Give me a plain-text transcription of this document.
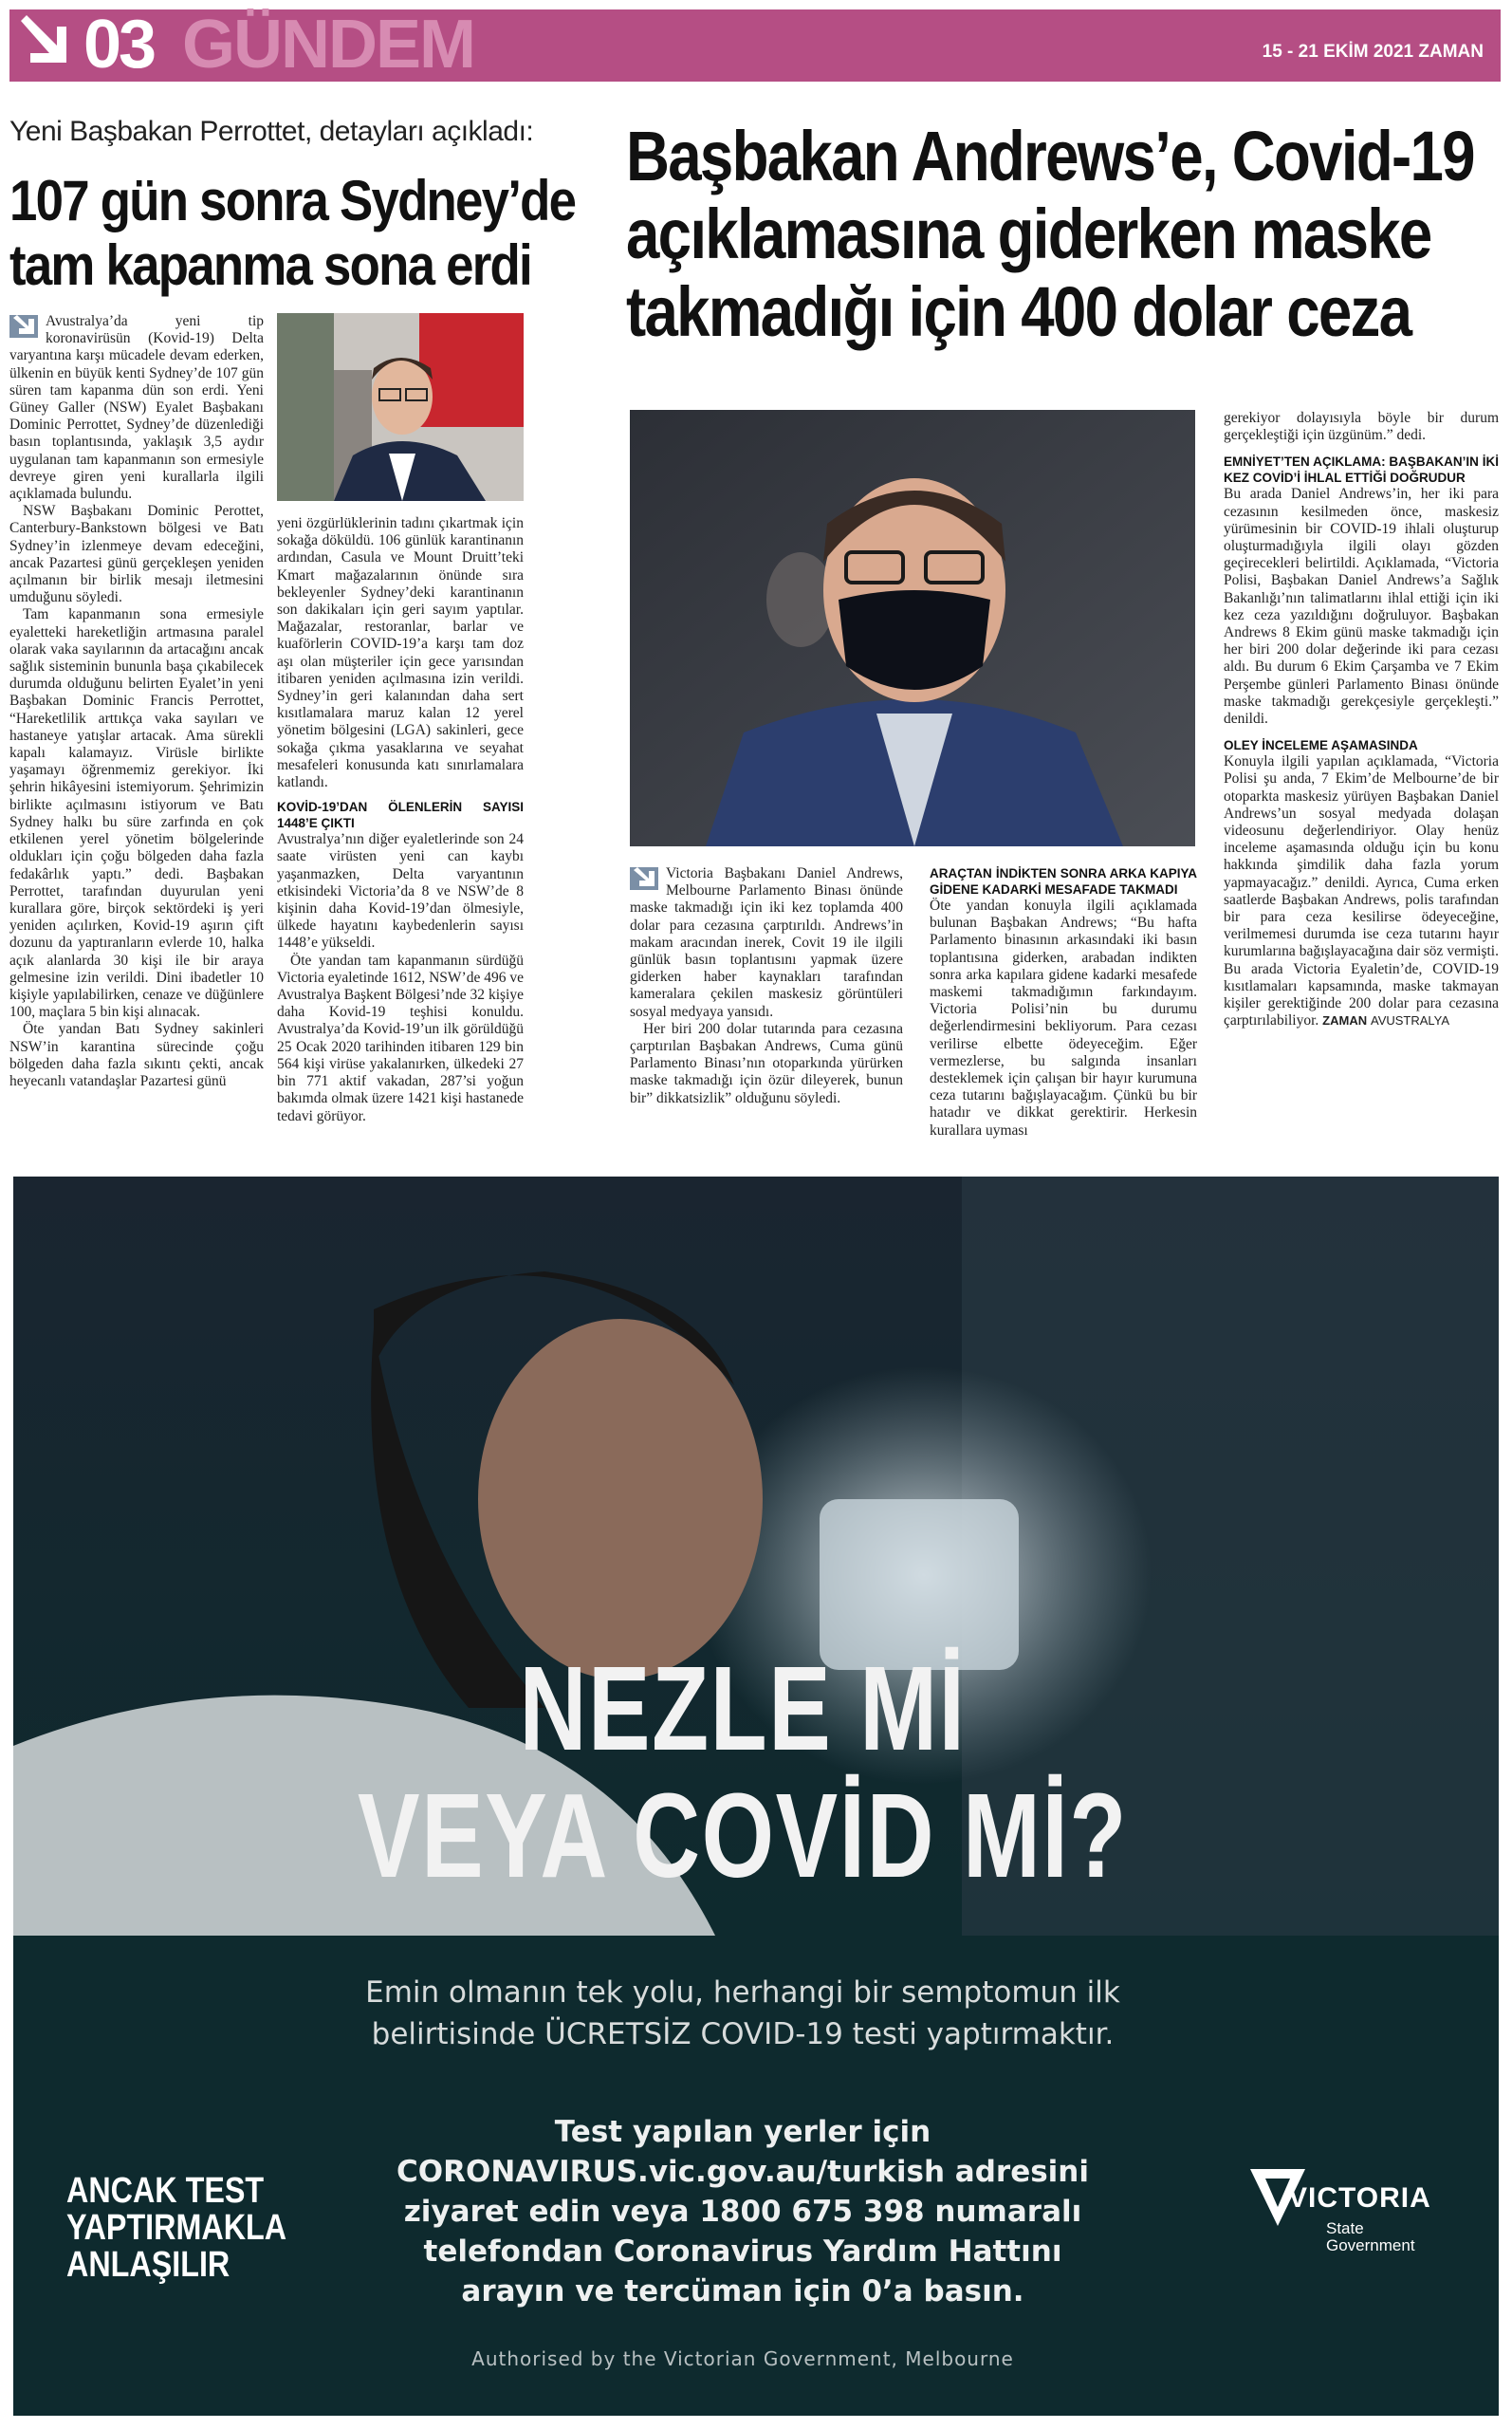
03 GÜNDEM	15 - 21 EKİM 2021 ZAMAN
Yeni Başbakan Perrottet, detayları açıkladı:
107 gün sonra Sydney’de
tam kapanma sona erdi

Avustralya’da yeni tip koronavirüsün (Kovid-19) Delta varyantına karşı mücadele devam ederken, ülkenin en büyük kenti Sydney’de 107 gün süren tam kapanma dün son erdi. Yeni Güney Galler (NSW) Eyalet Başbakanı Dominic Perrottet, Sydney’de düzenlediği basın toplantısında, yaklaşık 3,5 aydır uygulanan tam kapanmanın son ermesiyle devreye giren yeni kurallarla ilgili açıklamada bulundu.

NSW Başbakanı Dominic Perottet, Canterbury-Bankstown bölgesi ve Batı Sydney’in izlenmeye devam edeceğini, ancak Pazartesi günü gerçekleşen yeniden açılmanın bir birlik mesajı iletmesini umduğunu söyledi.

Tam kapanmanın sona ermesiyle eyaletteki hareketliğin artmasına paralel olarak vaka sayılarının da artacağını ancak sağlık sisteminin bununla başa çıkabilecek durumda olduğunu belirten Eyalet’in yeni Başbakan Dominic Francis Perrottet, “Hareketlilik arttıkça vaka sayıları ve hastaneye yatışlar artacak. Ama sürekli kapalı kalamayız. Virüsle birlikte yaşamayı öğrenmemiz gerekiyor. İki şehrin hikâyesini istemiyorum. Şehrimizin birlikte açılmasını istiyorum ve Batı Sydney halkı bu süre zarfında en çok etkilenen yerel yönetim bölgelerinde oldukları için çoğu bölgeden daha fazla fedakârlık yaptı.” dedi. Başbakan Perrottet, tarafından duyurulan yeni kurallara göre, birçok sektördeki iş yeri yeniden açılırken, Kovid-19 aşırın çift dozunu da yaptıranların evlerde 10, halka açık alanlarda 30 kişi ile bir araya gelmesine izin verildi. Dini ibadetler 10 kişiyle yapılabilirken, cenaze ve düğünlere 100, maçlara 5 bin kişi alınacak.

Öte yandan Batı Sydney sakinleri NSW’in karantina sürecinde çoğu bölgeden daha fazla sıkıntı çekti, ancak heyecanlı vatandaşlar Pazartesi günü

yeni özgürlüklerinin tadını çıkartmak için sokağa döküldü. 106 günlük karantinanın ardından, Casula ve Mount Druitt’teki Kmart mağazalarının önünde sıra bekleyenler Sydney’deki karantinanın son dakikaları için geri sayım yaptılar. Mağazalar, restoranlar, barlar ve kuaförlerin COVID-19’a karşı tam doz aşı olan müşteriler için gece yarısından itibaren yeniden açılmasına izin verildi. Sydney’in geri kalanından daha sert kısıtlamalara maruz kalan 12 yerel yönetim bölgesini (LGA) sakinleri, gece sokağa çıkma yasaklarına ve seyahat mesafeleri konusunda katı sınırlamalara katlandı.

KOVİD-19’DAN ÖLENLERİN SAYISI 1448’E ÇIKTI

Avustralya’nın diğer eyaletlerinde son 24 saate virüsten yeni can kaybı yaşanmazken, Delta varyantının etkisindeki Victoria’da 8 ve NSW’de 8 kişinin daha Kovid-19’dan ölmesiyle, ülkede hayatını kaybedenlerin sayısı 1448’e yükseldi.

Öte yandan tam kapanmanın sürdüğü Victoria eyaletinde 1612, NSW’de 496 ve Avustralya Başkent Bölgesi’nde 32 kişiye daha Kovid-19 teşhisi konuldu. Avustralya’da Kovid-19’un ilk görüldüğü 25 Ocak 2020 tarihinden itibaren 129 bin 564 kişi virüse yakalanırken, ülkedeki 27 bin 771 aktif vakadan, 287’si yoğun bakımda olmak üzere 1421 kişi hastanede tedavi görüyor.

Başbakan Andrews’e, Covid-19
açıklamasına giderken maske
takmadığı için 400 dolar ceza

Victoria Başbakanı Daniel Andrews, Melbourne Parlamento Binası önünde maske takmadığı için iki kez toplamda 400 dolar para cezasına çarptırıldı. Andrews’in makam aracından inerek, Covit 19 ile ilgili günlük basın toplantısını yapmak üzere giderken haber kaynakları tarafından kameralara çekilen maskesiz görüntüleri sosyal medyaya yansıdı.

Her biri 200 dolar tutarında para cezasına çarptırılan Başbakan Andrews, Cuma günü Parlamento Binası’nın otoparkında yürürken maske takmadığı için özür dileyerek, bunun bir” dikkatsizlik” olduğunu söyledi.

ARAÇTAN İNDİKTEN SONRA ARKA KAPIYA GİDENE KADARKİ MESAFADE TAKMADI

Öte yandan konuyla ilgili açıklamada bulunan Başbakan Andrews; “Bu hafta Parlamento binasının arkasındaki iki basın toplantısına giderken, arabadan indikten sonra arka kapılara gidene kadarki mesafede maskemi takmadığımın farkındayım. Victoria Polisi’nin bu durumu değerlendirmesini bekliyorum. Para cezası verilirse elbette ödeyeceğim. Eğer vermezlerse, bu salgında insanları desteklemek için çalışan bir hayır kurumuna ceza tutarını bağışlayacağım. Çünkü bu bir hatadır ve dikkat gerektirir. Herkesin kurallara uyması

gerekiyor dolayısıyla böyle bir durum gerçekleştiği için üzgünüm.” dedi.

EMNİYET’TEN AÇIKLAMA: BAŞBAKAN’IN İKİ KEZ COVİD’İ İHLAL ETTİĞİ DOĞRUDUR

Bu arada Daniel Andrews’in, her iki para cezasının kesilmeden önce, maskesiz yürümesinin bir COVID-19 ihlali oluşturup oluşturmadığıyla ilgili olayı gözden geçirecekleri belirtildi. Açıklamada, “Victoria Polisi, Başbakan Daniel Andrews’a Sağlık Bakanlığı’nın talimatlarını ihlal ettiği için iki kez ceza yazıldığını doğruluyor. Başbakan Andrews 8 Ekim günü maske takmadığı için her biri 200 dolar değerinde iki para cezası aldı. Bu durum 6 Ekim Çarşamba ve 7 Ekim Perşembe günleri Parlamento Binası önünde maske takmadığı gerekçesiyle gerçekleşti.” denildi.

OLEY İNCELEME AŞAMASINDA

Konuyla ilgili yapılan açıklamada, “Victoria Polisi şu anda, 7 Ekim’de Melbourne’de bir otoparkta maskesiz yürüyen Başbakan Daniel Andrews’un sosyal medyada dolaşan videosunu değerlendiriyor. Olay henüz inceleme aşamasında olduğu için bu konu hakkında şimdilik daha fazla yorum yapmayacağız.” denildi. Ayrıca, Cuma erken saatlerde Başbakan Andrews, polis tarafından bir para ceza kesilirse ödeyeceğine, verilmemesi durumda ise ceza tutarını hayır kurumlarına bağışlayacağına dair söz vermişti. Bu arada Victoria Eyaletin’de, COVID-19 kısıtlamaları kapsamında, maske takmayan kişiler gerektiğinde 200 dolar para cezasına çarptırılabiliyor. ZAMAN AVUSTRALYA

NEZLE Mİ
VEYA COVİD Mİ?
Emin olmanın tek yolu, herhangi bir semptomun ilk
belirtisinde ÜCRETSİZ COVID-19 testi yaptırmaktır.
Test yapılan yerler için
CORONAVIRUS.vic.gov.au/turkish adresini
ziyaret edin veya 1800 675 398 numaralı
telefondan Coronavirus Yardım Hattını
arayın ve tercüman için 0’a basın.
ANCAK TEST
YAPTIRMAKLA
ANLAŞILIR
VICTORIA
State
Government
Authorised by the Victorian Government, Melbourne
